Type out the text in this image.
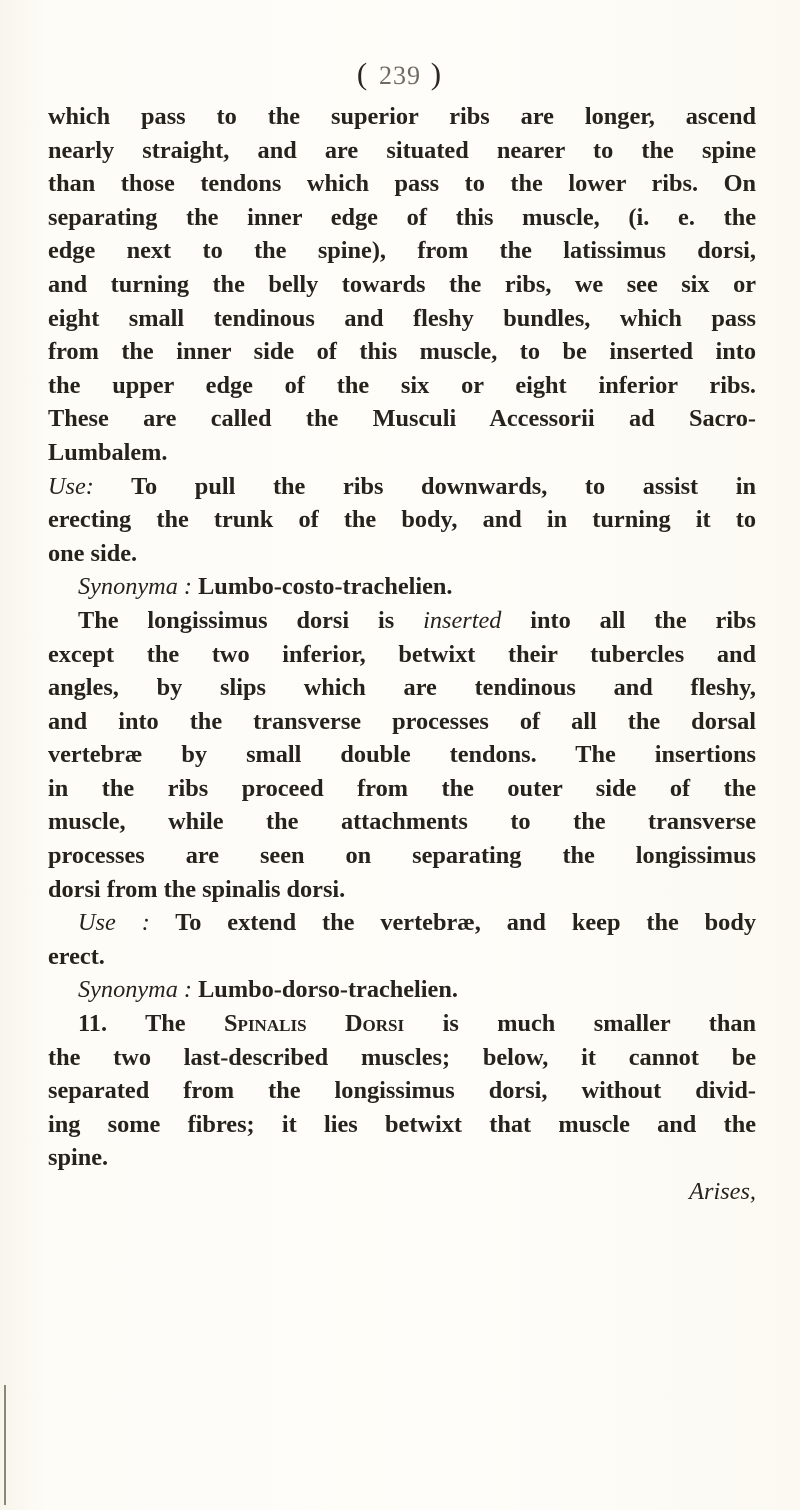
( 239 )
which pass to the superior ribs are longer, ascend
nearly straight, and are situated nearer to the spine
than those tendons which pass to the lower ribs. On
separating the inner edge of this muscle, (i. e. the
edge next to the spine), from the latissimus dorsi,
and turning the belly towards the ribs, we see six or
eight small tendinous and fleshy bundles, which pass
from the inner side of this muscle, to be inserted into
the upper edge of the six or eight inferior ribs.
These are called the Musculi Accessorii ad Sacro-
Lumbalem.
Use: To pull the ribs downwards, to assist in
erecting the trunk of the body, and in turning it to
one side.
Synonyma : Lumbo-costo-trachelien.
The longissimus dorsi is inserted into all the ribs
except the two inferior, betwixt their tubercles and
angles, by slips which are tendinous and fleshy,
and into the transverse processes of all the dorsal
vertebræ by small double tendons. The insertions
in the ribs proceed from the outer side of the
muscle, while the attachments to the transverse
processes are seen on separating the longissimus
dorsi from the spinalis dorsi.
Use : To extend the vertebræ, and keep the body
erect.
Synonyma : Lumbo-dorso-trachelien.
11. The Spinalis Dorsi is much smaller than
the two last-described muscles; below, it cannot be
separated from the longissimus dorsi, without divid-
ing some fibres; it lies betwixt that muscle and the
spine.
Arises,
